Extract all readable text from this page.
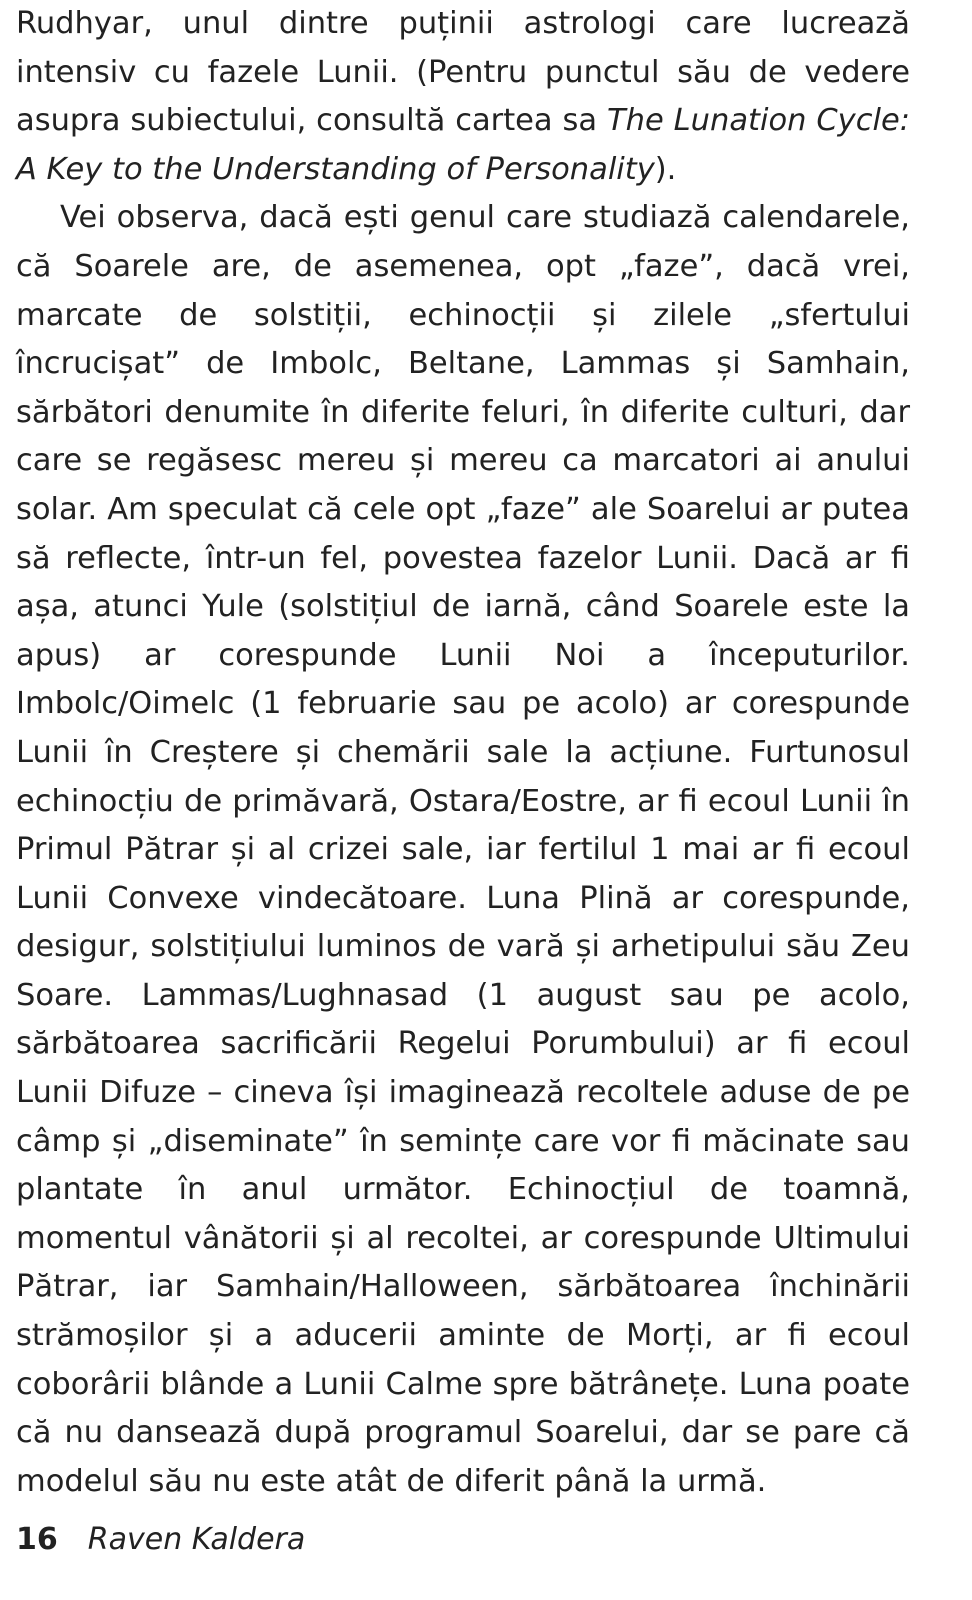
Rudhyar, unul dintre puținii astrologi care lucrează intensiv cu fazele Lunii. (Pentru punctul său de vedere asupra subiectului, consultă cartea sa The Lunation Cycle: A Key to the Understanding of Personality).

Vei observa, dacă ești genul care studiază calendarele, că Soarele are, de asemenea, opt „faze”, dacă vrei, marcate de solstiții, echinocții și zilele „sfertului încrucișat” de Imbolc, Beltane, Lammas și Samhain, sărbători denumite în diferite feluri, în diferite culturi, dar care se regăsesc mereu și mereu ca marcatori ai anului solar. Am speculat că cele opt „faze” ale Soarelui ar putea să reflecte, într-un fel, povestea fazelor Lunii. Dacă ar fi așa, atunci Yule (solstițiul de iarnă, când Soarele este la apus) ar corespunde Lunii Noi a începuturilor. Imbolc/Oimelc (1 februarie sau pe acolo) ar corespunde Lunii în Creștere și chemării sale la acțiune. Furtunosul echinocțiu de primăvară, Ostara/Eostre, ar fi ecoul Lunii în Primul Pătrar și al crizei sale, iar fertilul 1 mai ar fi ecoul Lunii Convexe vindecătoare. Luna Plină ar corespunde, desigur, solstițiului luminos de vară și arhetipului său Zeu Soare. Lammas/Lughnasad (1 august sau pe acolo, sărbătoarea sacrificării Regelui Porumbului) ar fi ecoul Lunii Difuze – cineva își imaginează recoltele aduse de pe câmp și „diseminate” în semințe care vor fi măcinate sau plantate în anul următor. Echinocțiul de toamnă, momentul vânătorii și al recoltei, ar corespunde Ultimului Pătrar, iar Samhain/Halloween, sărbătoarea închinării strămoșilor și a aducerii aminte de Morți, ar fi ecoul coborârii blânde a Lunii Calme spre bătrânețe. Luna poate că nu dansează după programul Soarelui, dar se pare că modelul său nu este atât de diferit până la urmă.

16 Raven Kaldera
